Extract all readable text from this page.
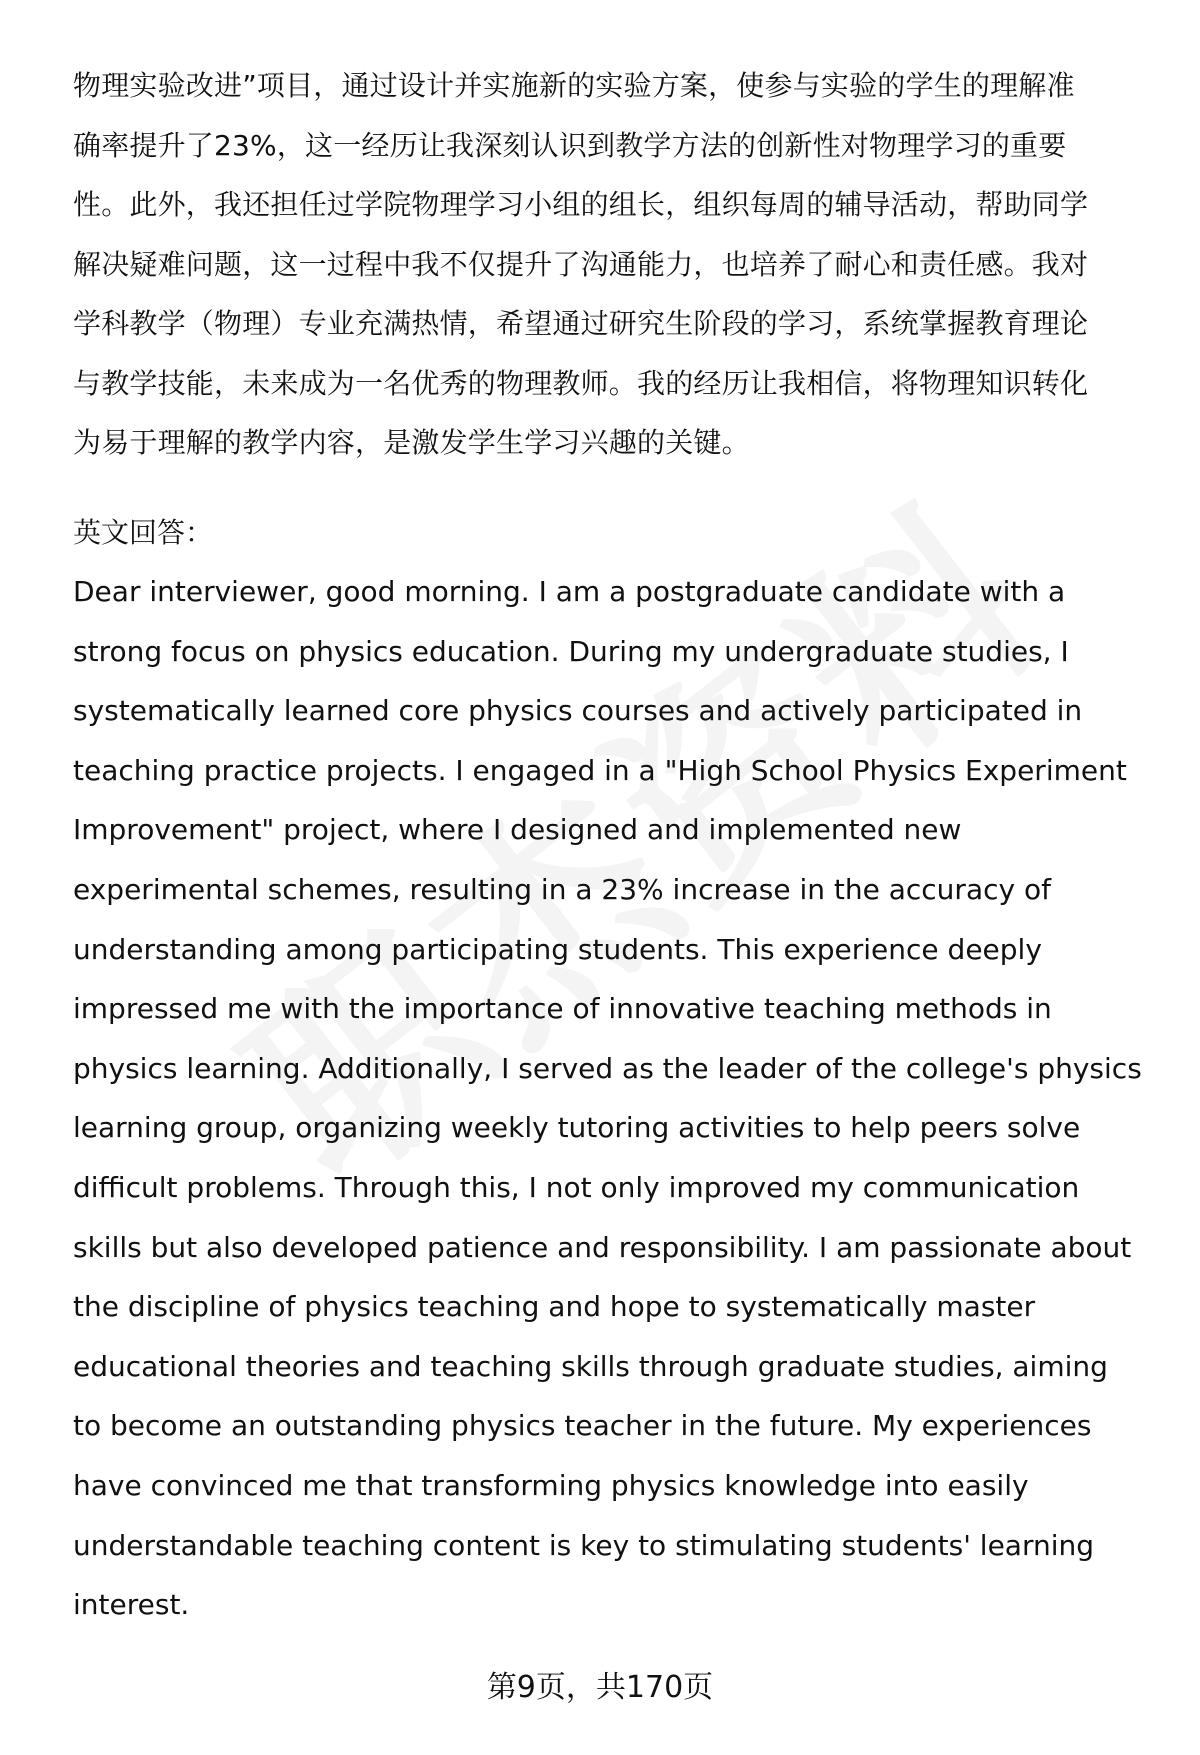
物理实验改进”项目，通过设计并实施新的实验方案，使参与实验的学生的理解准
确率提升了23%，这一经历让我深刻认识到教学方法的创新性对物理学习的重要
性。此外，我还担任过学院物理学习小组的组长，组织每周的辅导活动，帮助同学
解决疑难问题，这一过程中我不仅提升了沟通能力，也培养了耐心和责任感。我对
学科教学（物理）专业充满热情，希望通过研究生阶段的学习，系统掌握教育理论
与教学技能，未来成为一名优秀的物理教师。我的经历让我相信，将物理知识转化
为易于理解的教学内容，是激发学生学习兴趣的关键。
英文回答：
Dear interviewer, good morning. I am a postgraduate candidate with a
strong focus on physics education. During my undergraduate studies, I
systematically learned core physics courses and actively participated in
teaching practice projects. I engaged in a "High School Physics Experiment
Improvement" project, where I designed and implemented new
experimental schemes, resulting in a 23% increase in the accuracy of
understanding among participating students. This experience deeply
impressed me with the importance of innovative teaching methods in
physics learning. Additionally, I served as the leader of the college's physics
learning group, organizing weekly tutoring activities to help peers solve
difficult problems. Through this, I not only improved my communication
skills but also developed patience and responsibility. I am passionate about
the discipline of physics teaching and hope to systematically master
educational theories and teaching skills through graduate studies, aiming
to become an outstanding physics teacher in the future. My experiences
have convinced me that transforming physics knowledge into easily
understandable teaching content is key to stimulating students' learning
interest.
第9页，共170页
